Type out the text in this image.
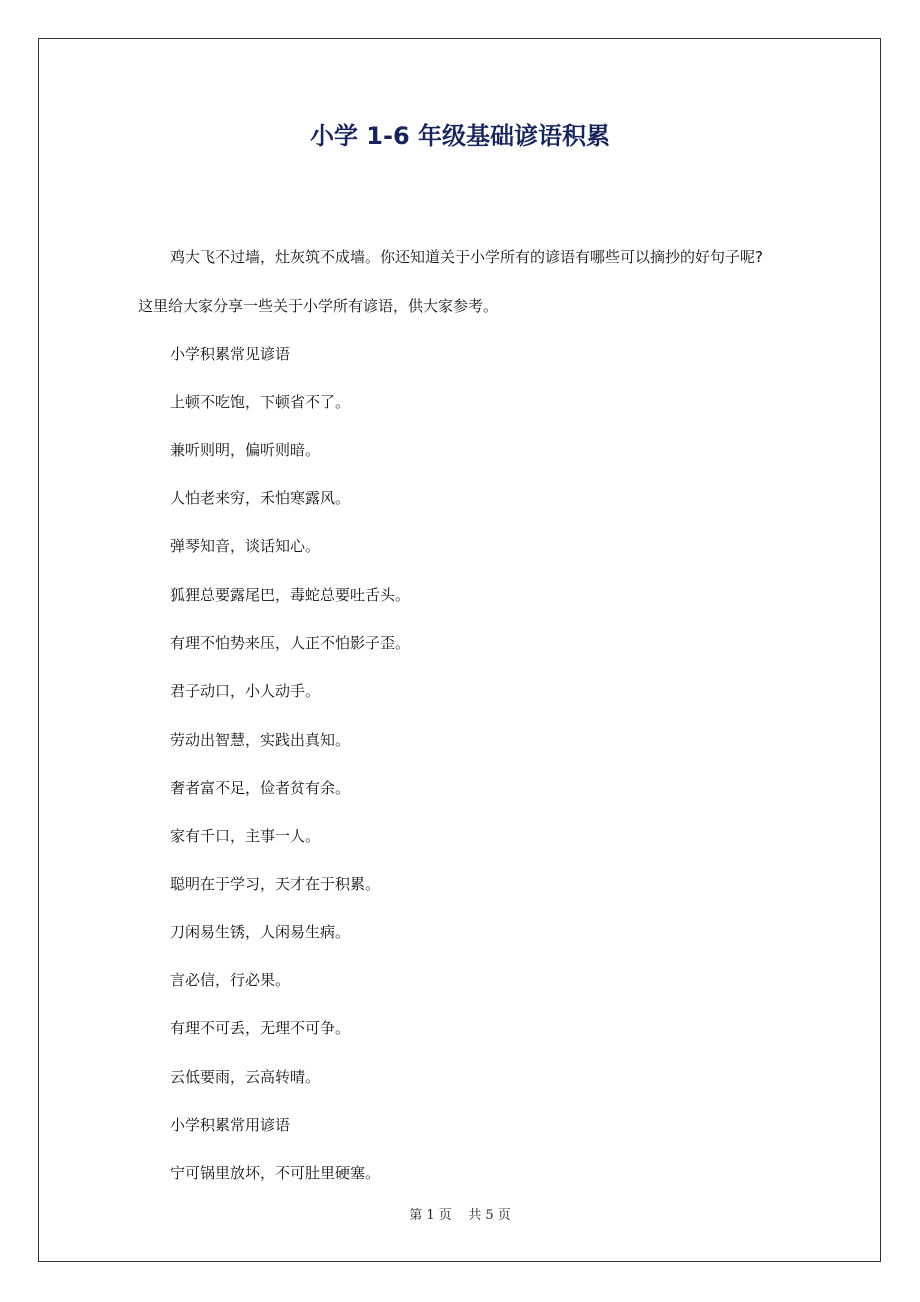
小学 1-6 年级基础谚语积累
鸡大飞不过墙，灶灰筑不成墙。你还知道关于小学所有的谚语有哪些可以摘抄的好句子呢?
这里给大家分享一些关于小学所有谚语，供大家参考。
小学积累常见谚语
上顿不吃饱，下顿省不了。
兼听则明，偏听则暗。
人怕老来穷，禾怕寒露风。
弹琴知音，谈话知心。
狐狸总要露尾巴，毒蛇总要吐舌头。
有理不怕势来压，人正不怕影子歪。
君子动口，小人动手。
劳动出智慧，实践出真知。
奢者富不足，俭者贫有余。
家有千口，主事一人。
聪明在于学习，天才在于积累。
刀闲易生锈，人闲易生病。
言必信，行必果。
有理不可丢，无理不可争。
云低要雨，云高转晴。
小学积累常用谚语
宁可锅里放坏，不可肚里硬塞。
第 1 页 共 5 页
